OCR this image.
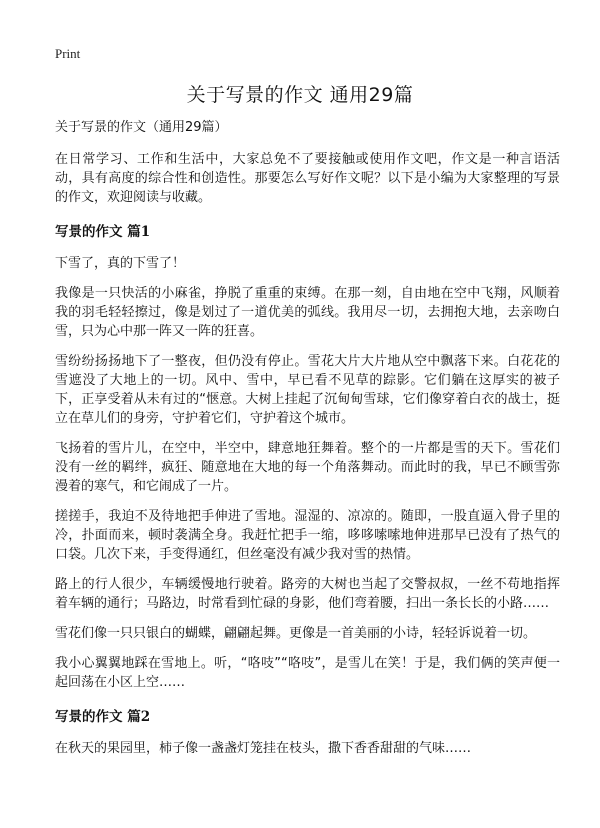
Print
关于写景的作文 通用29篇
关于写景的作文（通用29篇）

在日常学习、工作和生活中，大家总免不了要接触或使用作文吧，作文是一种言语活动，具有高度的综合性和创造性。那要怎么写好作文呢？以下是小编为大家整理的写景的作文，欢迎阅读与收藏。

写景的作文 篇1

下雪了，真的下雪了！

我像是一只快活的小麻雀，挣脱了重重的束缚。在那一刻，自由地在空中飞翔，风顺着我的羽毛轻轻擦过，像是划过了一道优美的弧线。我用尽一切，去拥抱大地，去亲吻白雪，只为心中那一阵又一阵的狂喜。

雪纷纷扬扬地下了一整夜，但仍没有停止。雪花大片大片地从空中飘落下来。白花花的雪遮没了大地上的一切。风中、雪中，早已看不见草的踪影。它们躺在这厚实的被子下，正享受着从未有过的“惬意。大树上挂起了沉甸甸雪球，它们像穿着白衣的战士，挺立在草儿们的身旁，守护着它们，守护着这个城市。

飞扬着的雪片儿，在空中，半空中，肆意地狂舞着。整个的一片都是雪的天下。雪花们没有一丝的羁绊，疯狂、随意地在大地的每一个角落舞动。而此时的我，早已不顾雪弥漫着的寒气，和它闹成了一片。

搓搓手，我迫不及待地把手伸进了雪地。湿湿的、凉凉的。随即，一股直逼入骨子里的冷，扑面而来，顿时袭满全身。我赶忙把手一缩，哆哆嗦嗦地伸进那早已没有了热气的口袋。几次下来，手变得通红，但丝毫没有减少我对雪的热情。

路上的行人很少，车辆缓慢地行驶着。路旁的大树也当起了交警叔叔，一丝不苟地指挥着车辆的通行；马路边，时常看到忙碌的身影，他们弯着腰，扫出一条长长的小路……

雪花们像一只只银白的蝴蝶，翩翩起舞。更像是一首美丽的小诗，轻轻诉说着一切。

我小心翼翼地踩在雪地上。听，“咯吱”“咯吱”，是雪儿在笑！于是，我们俩的笑声便一起回荡在小区上空……

写景的作文 篇2

在秋天的果园里，柿子像一盏盏灯笼挂在枝头，撒下香香甜甜的气味……
